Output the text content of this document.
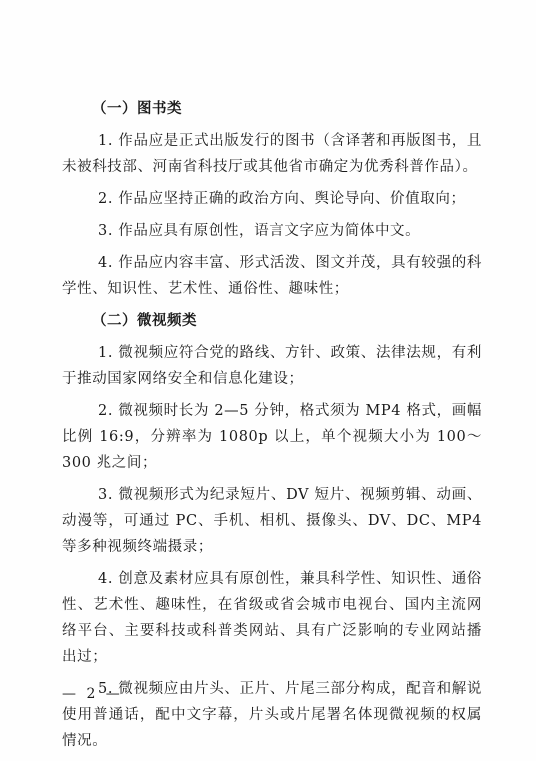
（一）图书类

1. 作品应是正式出版发行的图书（含译著和再版图书，且未被科技部、河南省科技厅或其他省市确定为优秀科普作品）。

2. 作品应坚持正确的政治方向、舆论导向、价值取向；

3. 作品应具有原创性，语言文字应为简体中文。

4. 作品应内容丰富、形式活泼、图文并茂，具有较强的科学性、知识性、艺术性、通俗性、趣味性；

（二）微视频类

1. 微视频应符合党的路线、方针、政策、法律法规，有利于推动国家网络安全和信息化建设；

2. 微视频时长为 2—5 分钟，格式须为 MP4 格式，画幅比例 16:9，分辨率为 1080p 以上，单个视频大小为 100～300 兆之间；

3. 微视频形式为纪录短片、DV 短片、视频剪辑、动画、动漫等，可通过 PC、手机、相机、摄像头、DV、DC、MP4 等多种视频终端摄录；

4. 创意及素材应具有原创性，兼具科学性、知识性、通俗性、艺术性、趣味性，在省级或省会城市电视台、国内主流网络平台、主要科技或科普类网站、具有广泛影响的专业网站播出过；

5. 微视频应由片头、正片、片尾三部分构成，配音和解说使用普通话，配中文字幕，片头或片尾署名体现微视频的权属情况。

— 2 —
